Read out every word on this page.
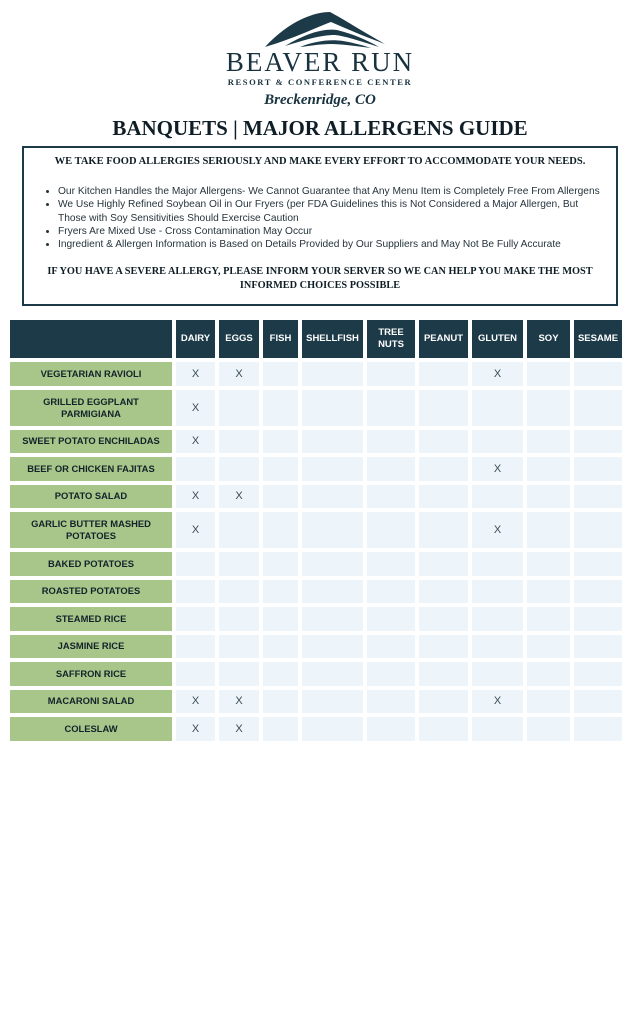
BEAVER RUN
RESORT & CONFERENCE CENTER
Breckenridge, CO
BANQUETS | MAJOR ALLERGENS GUIDE
WE TAKE FOOD ALLERGIES SERIOUSLY AND MAKE EVERY EFFORT TO ACCOMMODATE YOUR NEEDS.
• Our Kitchen Handles the Major Allergens- We Cannot Guarantee that Any Menu Item is Completely Free From Allergens
• We Use Highly Refined Soybean Oil in Our Fryers (per FDA Guidelines this is Not Considered a Major Allergen, But Those with Soy Sensitivities Should Exercise Caution
• Fryers Are Mixed Use - Cross Contamination May Occur
• Ingredient & Allergen Information is Based on Details Provided by Our Suppliers and May Not Be Fully Accurate
IF YOU HAVE A SEVERE ALLERGY, PLEASE INFORM YOUR SERVER SO WE CAN HELP YOU MAKE THE MOST INFORMED CHOICES POSSIBLE
	DAIRY	EGGS	FISH	SHELLFISH	TREE NUTS	PEANUT	GLUTEN	SOY	SESAME
VEGETARIAN RAVIOLI	X	X					X		
GRILLED EGGPLANT PARMIGIANA	X								
SWEET POTATO ENCHILADAS	X								
BEEF OR CHICKEN FAJITAS							X		
POTATO SALAD	X	X							
GARLIC BUTTER MASHED POTATOES	X						X		
BAKED POTATOES									
ROASTED POTATOES									
STEAMED RICE									
JASMINE RICE									
SAFFRON RICE									
MACARONI SALAD	X	X					X		
COLESLAW	X	X							
